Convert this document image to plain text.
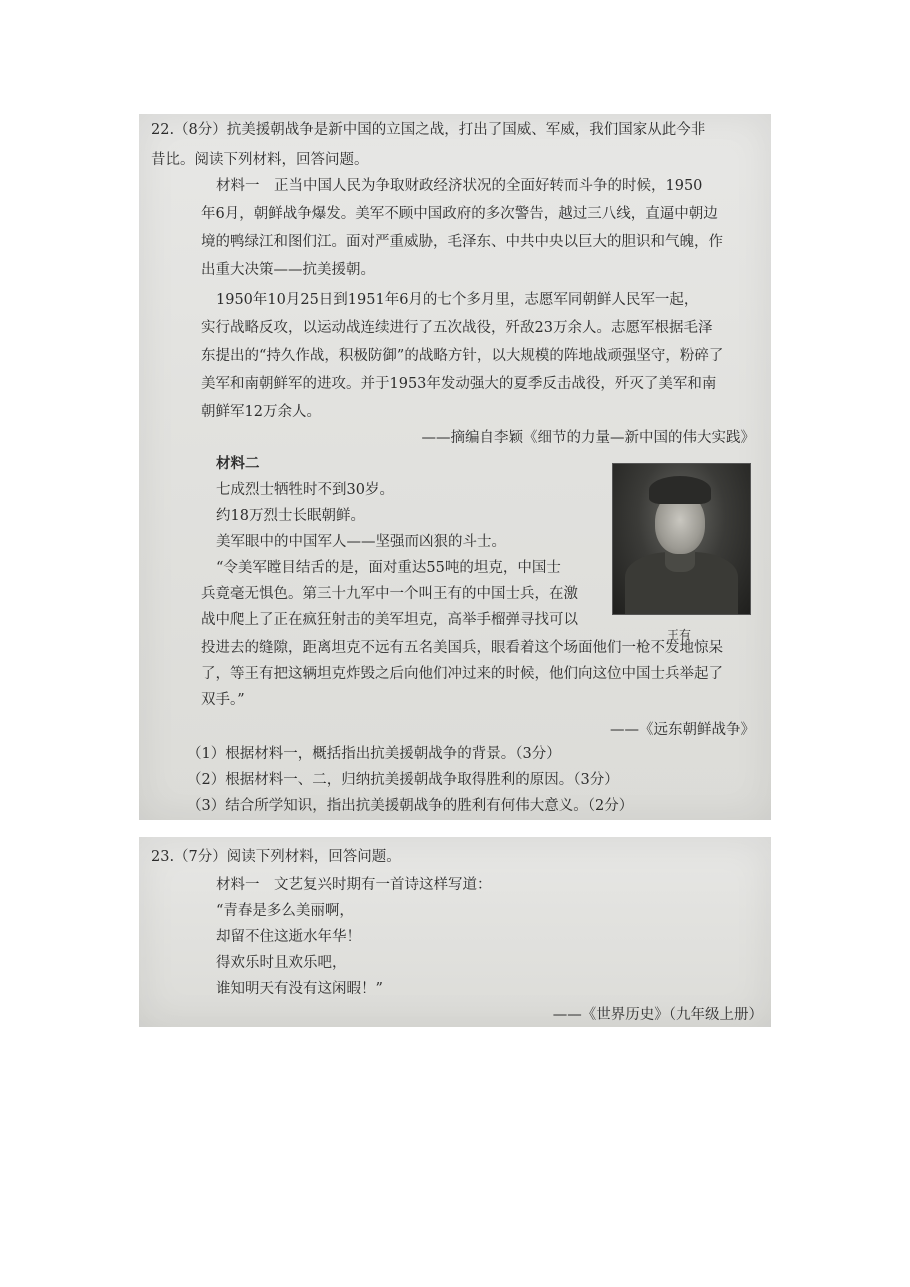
22.（8分）抗美援朝战争是新中国的立国之战，打出了国威、军威，我们国家从此今非
昔比。阅读下列材料，回答问题。
材料一　正当中国人民为争取财政经济状况的全面好转而斗争的时候，1950
年6月，朝鲜战争爆发。美军不顾中国政府的多次警告，越过三八线，直逼中朝边
境的鸭绿江和图们江。面对严重威胁，毛泽东、中共中央以巨大的胆识和气魄，作
出重大决策——抗美援朝。
1950年10月25日到1951年6月的七个多月里，志愿军同朝鲜人民军一起，
实行战略反攻，以运动战连续进行了五次战役，歼敌23万余人。志愿军根据毛泽
东提出的“持久作战，积极防御”的战略方针，以大规模的阵地战顽强坚守，粉碎了
美军和南朝鲜军的进攻。并于1953年发动强大的夏季反击战役，歼灭了美军和南
朝鲜军12万余人。
——摘编自李颖《细节的力量—新中国的伟大实践》
材料二
七成烈士牺牲时不到30岁。
约18万烈士长眠朝鲜。
美军眼中的中国军人——坚强而凶狠的斗士。
“令美军瞠目结舌的是，面对重达55吨的坦克，中国士
兵竟毫无惧色。第三十九军中一个叫王有的中国士兵，在激
战中爬上了正在疯狂射击的美军坦克，高举手榴弹寻找可以
投进去的缝隙，距离坦克不远有五名美国兵，眼看着这个场面他们一枪不发地惊呆
了，等王有把这辆坦克炸毁之后向他们冲过来的时候，他们向这位中国士兵举起了
双手。”
——《远东朝鲜战争》
（1）根据材料一，概括指出抗美援朝战争的背景。（3分）
（2）根据材料一、二，归纳抗美援朝战争取得胜利的原因。（3分）
（3）结合所学知识，指出抗美援朝战争的胜利有何伟大意义。（2分）
王有
23.（7分）阅读下列材料，回答问题。
材料一　文艺复兴时期有一首诗这样写道：
“青春是多么美丽啊，
却留不住这逝水年华！
得欢乐时且欢乐吧，
谁知明天有没有这闲暇！”
——《世界历史》（九年级上册）
